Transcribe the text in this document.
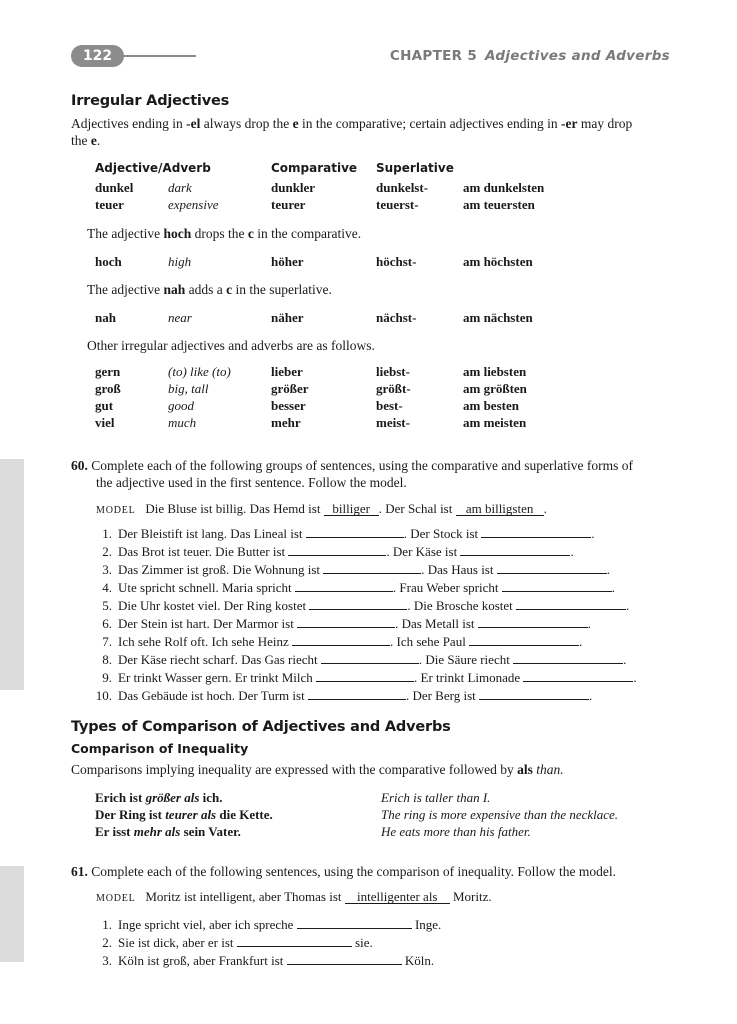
122	CHAPTER 5 Adjectives and Adverbs
Irregular Adjectives
Adjectives ending in -el always drop the e in the comparative; certain adjectives ending in -er may drop
the e.
Adjective/Adverb	Comparative Superlative
dunkel	dark	dunkler	dunkelst-	am dunkelsten
teuer	expensive	teurer	teuerst-	am teuersten
The adjective hoch drops the c in the comparative.
hoch	high	höher	höchst-	am höchsten
The adjective nah adds a c in the superlative.
nah	near	näher	nächst-	am nächsten
Other irregular adjectives and adverbs are as follows.
gern	(to) like (to)	lieber	liebst-	am liebsten
groß	big, tall	größer	größt-	am größten
gut	good	besser	best-	am besten
viel	much	mehr	meist-	am meisten
60. Complete each of the following groups of sentences, using the comparative and superlative forms of
the adjective used in the first sentence. Follow the model.
MODEL Die Bluse ist billig. Das Hemd ist billiger . Der Schal ist am billigsten .
1. Der Bleistift ist lang. Das Lineal ist	. Der Stock ist	.
2. Das Brot ist teuer. Die Butter ist	. Der Käse ist	.
3. Das Zimmer ist groß. Die Wohnung ist	. Das Haus ist	.
4. Ute spricht schnell. Maria spricht	. Frau Weber spricht	.
5. Die Uhr kostet viel. Der Ring kostet	. Die Brosche kostet	.
6. Der Stein ist hart. Der Marmor ist	. Das Metall ist	.
7. Ich sehe Rolf oft. Ich sehe Heinz	. Ich sehe Paul	.
8. Der Käse riecht scharf. Das Gas riecht	. Die Säure riecht	.
9. Er trinkt Wasser gern. Er trinkt Milch	. Er trinkt Limonade	.
10. Das Gebäude ist hoch. Der Turm ist	. Der Berg ist	.
Types of Comparison of Adjectives and Adverbs
Comparison of Inequality
Comparisons implying inequality are expressed with the comparative followed by als than.
Erich ist größer als ich.	Erich is taller than I.
Der Ring ist teurer als die Kette.	The ring is more expensive than the necklace.
Er isst mehr als sein Vater.	He eats more than his father.
61. Complete each of the following sentences, using the comparison of inequality. Follow the model.
MODEL Moritz ist intelligent, aber Thomas ist intelligenter als Moritz.
1. Inge spricht viel, aber ich spreche	Inge.
2. Sie ist dick, aber er ist	sie.
3. Köln ist groß, aber Frankfurt ist	Köln.
